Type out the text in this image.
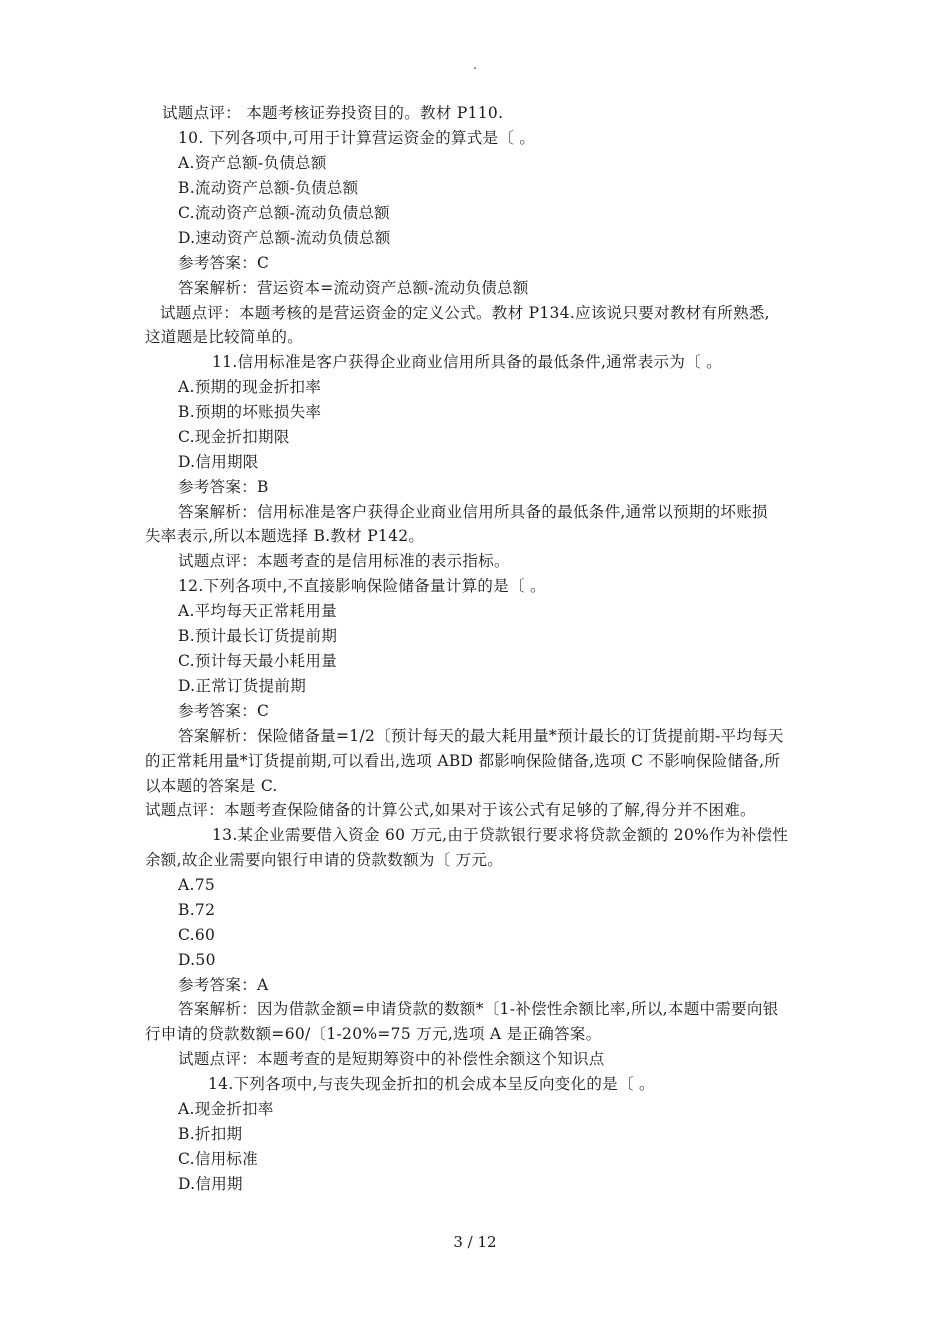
.
试题点评： 本题考核证券投资目的。教材 P110.
10. 下列各项中,可用于计算营运资金的算式是〔 。
A.资产总额-负债总额
B.流动资产总额-负债总额
C.流动资产总额-流动负债总额
D.速动资产总额-流动负债总额
参考答案：C
答案解析：营运资本=流动资产总额-流动负债总额
试题点评：本题考核的是营运资金的定义公式。教材 P134.应该说只要对教材有所熟悉,
这道题是比较简单的。
11.信用标准是客户获得企业商业信用所具备的最低条件,通常表示为〔 。
A.预期的现金折扣率
B.预期的坏账损失率
C.现金折扣期限
D.信用期限
参考答案：B
答案解析：信用标准是客户获得企业商业信用所具备的最低条件,通常以预期的坏账损
失率表示,所以本题选择 B.教材 P142。
试题点评：本题考查的是信用标准的表示指标。
12.下列各项中,不直接影响保险储备量计算的是〔 。
A.平均每天正常耗用量
B.预计最长订货提前期
C.预计每天最小耗用量
D.正常订货提前期
参考答案：C
答案解析：保险储备量=1/2〔预计每天的最大耗用量*预计最长的订货提前期-平均每天
的正常耗用量*订货提前期,可以看出,选项 ABD 都影响保险储备,选项 C 不影响保险储备,所
以本题的答案是 C.
试题点评：本题考查保险储备的计算公式,如果对于该公式有足够的了解,得分并不困难。
13.某企业需要借入资金 60 万元,由于贷款银行要求将贷款金额的 20%作为补偿性
余额,故企业需要向银行申请的贷款数额为〔 万元。
A.75
B.72
C.60
D.50
参考答案：A
答案解析：因为借款金额=申请贷款的数额*〔1-补偿性余额比率,所以,本题中需要向银
行申请的贷款数额=60/〔1-20%=75 万元,选项 A 是正确答案。
试题点评：本题考查的是短期筹资中的补偿性余额这个知识点
14.下列各项中,与丧失现金折扣的机会成本呈反向变化的是〔 。
A.现金折扣率
B.折扣期
C.信用标准
D.信用期
3 / 12
